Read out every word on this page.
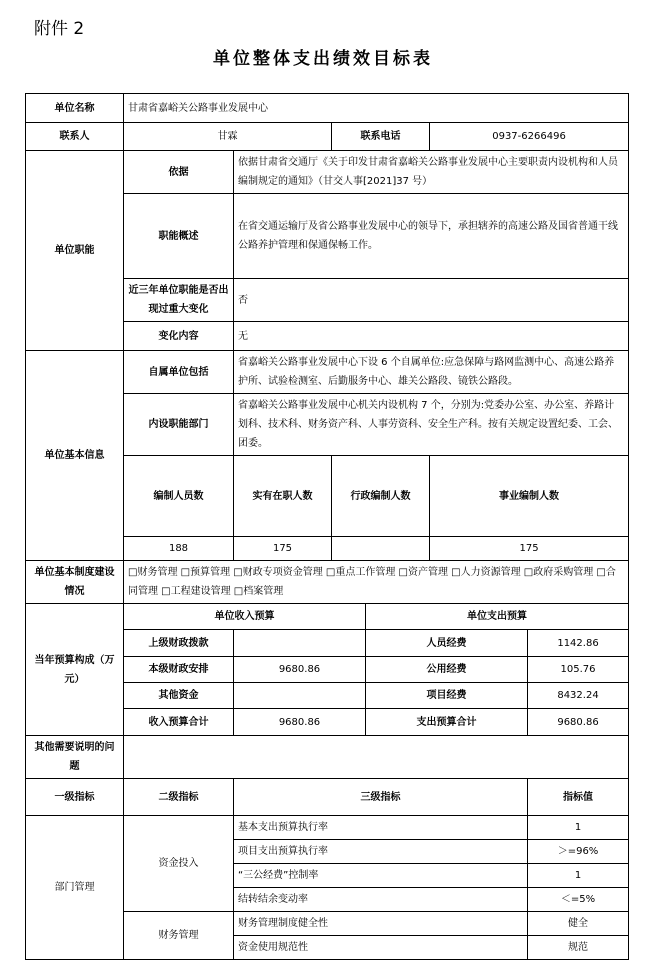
附件 2
单位整体支出绩效目标表
单位名称	甘肃省嘉峪关公路事业发展中心						
联系人	甘霖		联系电话		0937-6266496		
单位职能	依据	依据甘肃省交通厅《关于印发甘肃省嘉峪关公路事业发展中心主要职责内设机构和人员编制规定的通知》（甘交人事[2021]37 号）					
	职能概述	在省交通运输厅及省公路事业发展中心的领导下，承担辖养的高速公路及国省普通干线公路养护管理和保通保畅工作。					
	近三年单位职能是否出现过重大变化	否					
	变化内容	无					
单位基本信息	自属单位包括	省嘉峪关公路事业发展中心下设 6 个自属单位:应急保障与路网监测中心、高速公路养护所、试验检测室、后勤服务中心、雄关公路段、镜铁公路段。					
	内设职能部门	省嘉峪关公路事业发展中心机关内设机构 7 个，分别为:党委办公室、办公室、养路计划科、技术科、财务资产科、人事劳资科、安全生产科。按有关规定设置纪委、工会、团委。					
	编制人员数	实有在职人数	行政编制人数		事业编制人数	
	188	175			175		
单位基本制度建设情况	□财务管理 □预算管理 □财政专项资金管理 □重点工作管理 □资产管理 □人力资源管理 □政府采购管理 □合同管理 □工程建设管理 □档案管理						
当年预算构成（万元）	单位收入预算			单位支出预算			
	上级财政拨款			人员经费		1142.86	
	本级财政安排	9680.86		公用经费		105.76	
	其他资金			项目经费		8432.24	
	收入预算合计	9680.86		支出预算合计		9680.86	
其他需要说明的问题							
一级指标	二级指标	三级指标				指标值	
部门管理	资金投入	基本支出预算执行率				1	
		项目支出预算执行率				＞=96%	
		“三公经费”控制率				1	
		结转结余变动率				＜=5%	
	财务管理	财务管理制度健全性				健全	
		资金使用规范性				规范	
